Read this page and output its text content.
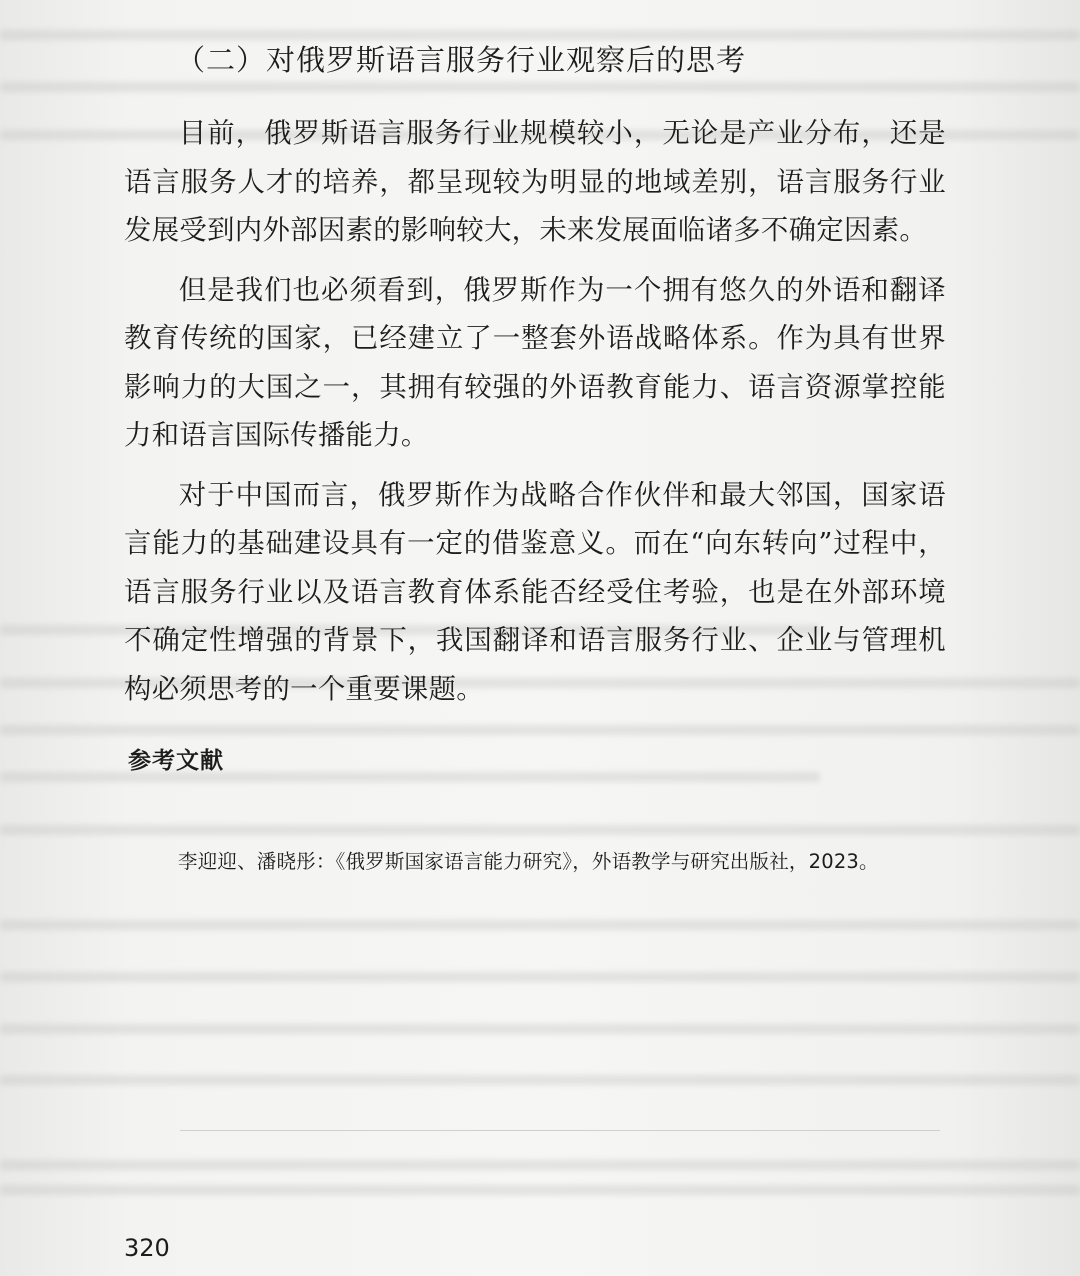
（二）对俄罗斯语言服务行业观察后的思考

目前，俄罗斯语言服务行业规模较小，无论是产业分布，还是语言服务人才的培养，都呈现较为明显的地域差别，语言服务行业发展受到内外部因素的影响较大，未来发展面临诸多不确定因素。

但是我们也必须看到，俄罗斯作为一个拥有悠久的外语和翻译教育传统的国家，已经建立了一整套外语战略体系。作为具有世界影响力的大国之一，其拥有较强的外语教育能力、语言资源掌控能力和语言国际传播能力。

对于中国而言，俄罗斯作为战略合作伙伴和最大邻国，国家语言能力的基础建设具有一定的借鉴意义。而在“向东转向”过程中，语言服务行业以及语言教育体系能否经受住考验，也是在外部环境不确定性增强的背景下，我国翻译和语言服务行业、企业与管理机构必须思考的一个重要课题。

参考文献

李迎迎、潘晓彤：《俄罗斯国家语言能力研究》，外语教学与研究出版社，2023。

320
